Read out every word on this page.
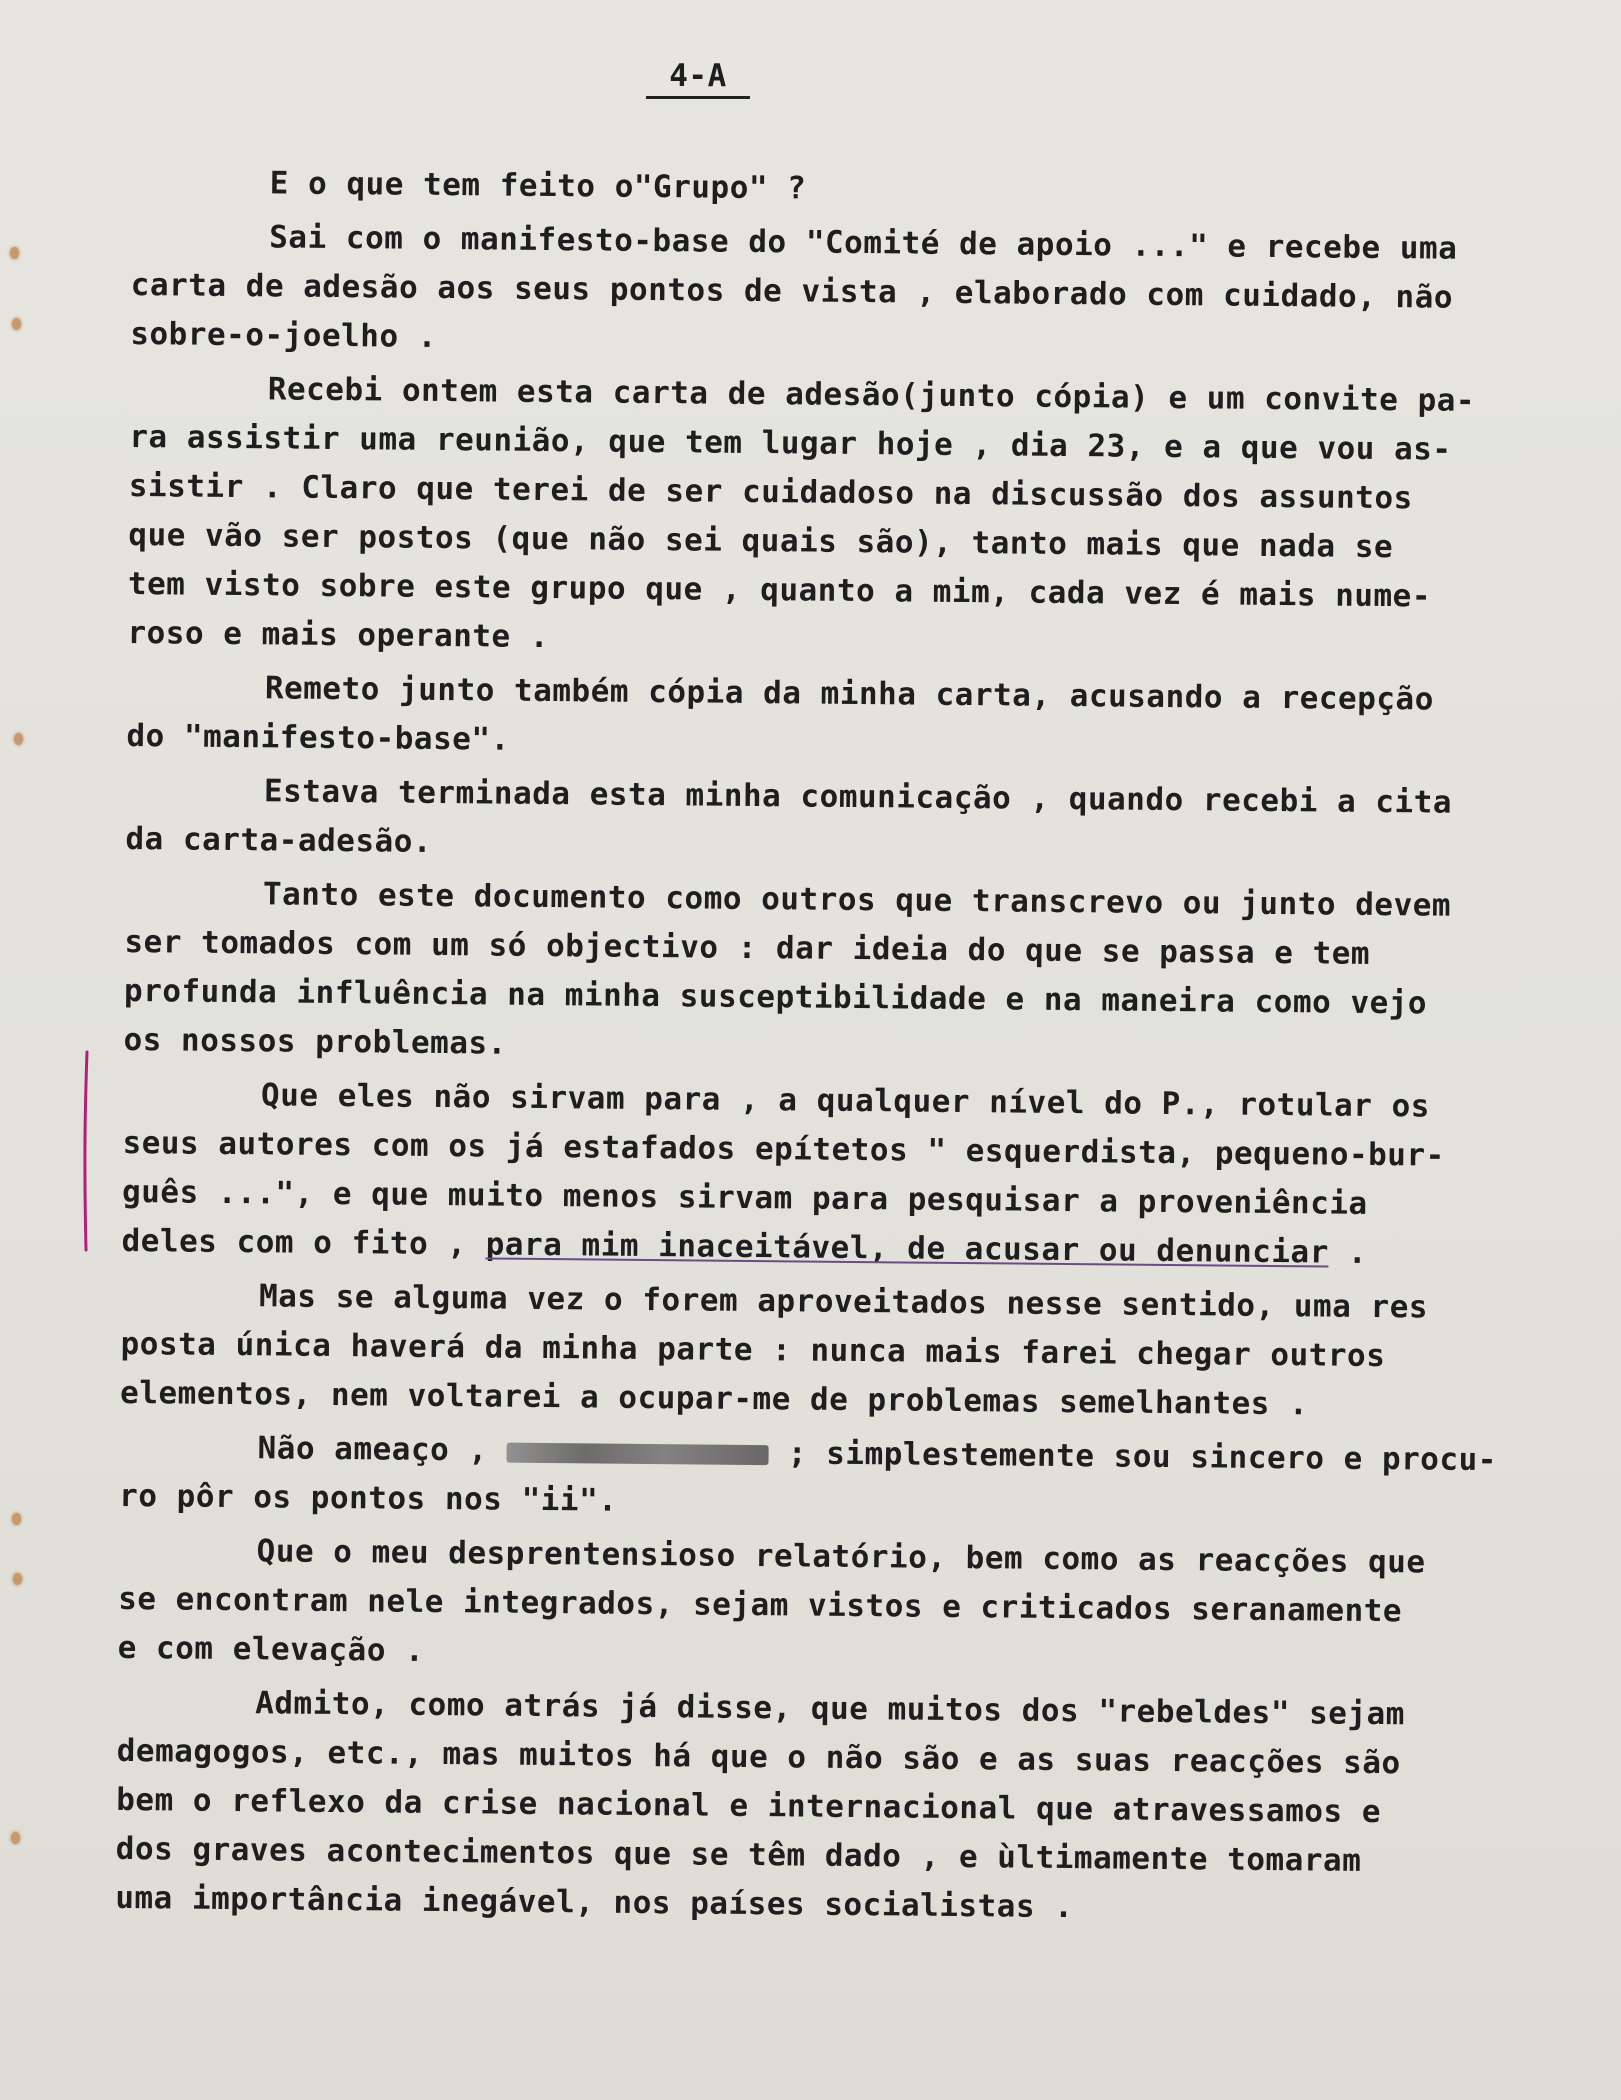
4-A

E o que tem feito o"Grupo" ?

Sai com o manifesto-base do "Comité de apoio ..." e recebe uma
carta de adesão aos seus pontos de vista , elaborado com cuidado, não
sobre-o-joelho .

Recebi ontem esta carta de adesão(junto cópia) e um convite pa-
ra assistir uma reunião, que tem lugar hoje , dia 23, e a que vou as-
sistir . Claro que terei de ser cuidadoso na discussão dos assuntos
que vão ser postos (que não sei quais são), tanto mais que nada se
tem visto sobre este grupo que , quanto a mim, cada vez é mais nume-
roso e mais operante .

Remeto junto também cópia da minha carta, acusando a recepção
do "manifesto-base".

Estava terminada esta minha comunicação , quando recebi a cita
da carta-adesão.

Tanto este documento como outros que transcrevo ou junto devem
ser tomados com um só objectivo : dar ideia do que se passa e tem
profunda influência na minha susceptibilidade e na maneira como vejo
os nossos problemas.

Que eles não sirvam para , a qualquer nível do P., rotular os
seus autores com os já estafados epítetos " esquerdista, pequeno-bur-
guês ...", e que muito menos sirvam para pesquisar a proveniência
deles com o fito , para mim inaceitável, de acusar ou denunciar .

Mas se alguma vez o forem aproveitados nesse sentido, uma res
posta única haverá da minha parte : nunca mais farei chegar outros
elementos, nem voltarei a ocupar-me de problemas semelhantes .

Não ameaço ,	; simplestemente sou sincero e procu-
ro pôr os pontos nos "ii".

Que o meu desprentensioso relatório, bem como as reacções que
se encontram nele integrados, sejam vistos e criticados seranamente
e com elevação .

Admito, como atrás já disse, que muitos dos "rebeldes" sejam
demagogos, etc., mas muitos há que o não são e as suas reacções são
bem o reflexo da crise nacional e internacional que atravessamos e
dos graves acontecimentos que se têm dado , e ùltimamente tomaram
uma importância inegável, nos países socialistas .
